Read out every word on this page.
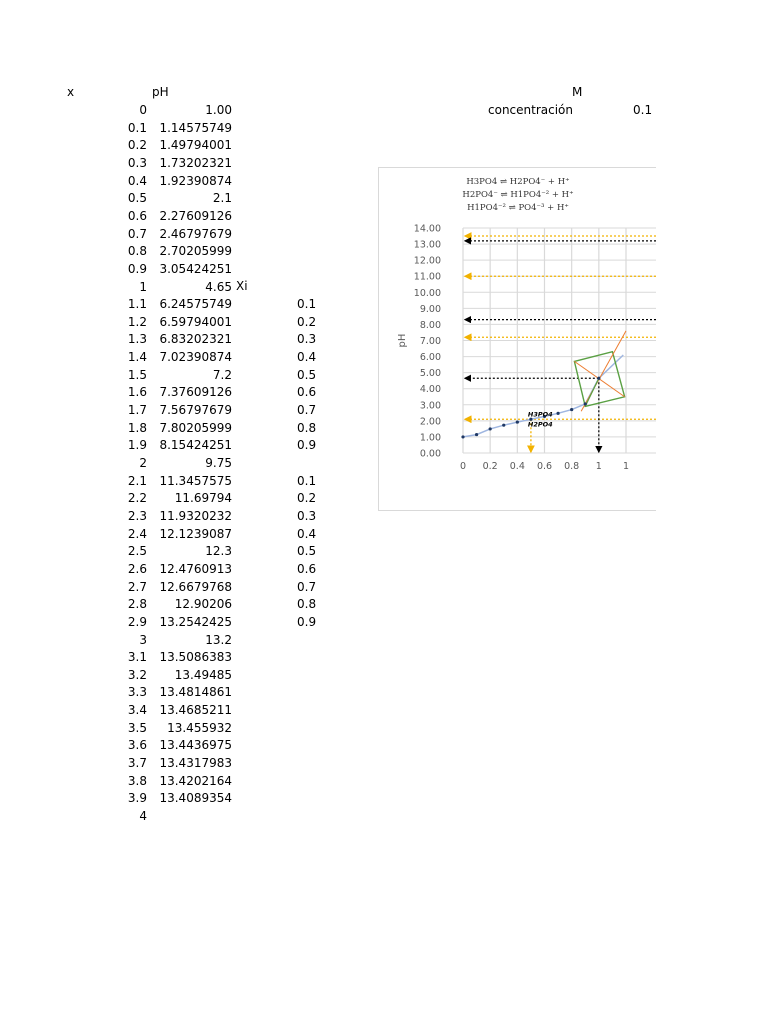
0	1.00
0.1	1.14575749
0.2	1.49794001
0.3	1.73202321
0.4	1.92390874
0.5	2.1
0.6	2.27609126
0.7	2.46797679
0.8	2.70205999
0.9	3.05424251
1	4.65
1.1	6.24575749	0.1
1.2	6.59794001	0.2
1.3	6.83202321	0.3
1.4	7.02390874	0.4
1.5	7.2	0.5
1.6	7.37609126	0.6
1.7	7.56797679	0.7
1.8	7.80205999	0.8
1.9	8.15424251	0.9
2	9.75
2.1	11.3457575	0.1
2.2	11.69794	0.2
2.3	11.9320232	0.3
2.4	12.1239087	0.4
2.5	12.3	0.5
2.6	12.4760913	0.6
2.7	12.6679768	0.7
2.8	12.90206	0.8
2.9	13.2542425	0.9
3	13.2
3.1	13.5086383
3.2	13.49485
3.3	13.4814861
3.4	13.4685211
3.5	13.455932
3.6	13.4436975
3.7	13.4317983
3.8	13.4202164
3.9	13.4089354
4
x	pH	M
concentración	0.1
Xi
H3PO4 ⇌ H2PO4⁻ + H⁺
H2PO4⁻ ⇌ H1PO4⁻² + H⁺
H1PO4⁻² ⇌ PO4⁻³ + H⁺
0.00
1.00
2.00
3.00
4.00
5.00
6.00
7.00
8.00
9.00
10.00
11.00
12.00
13.00
14.00
0 0.2 0.4 0.6 0.8 1 1
pH
H3PO4
H2PO4
